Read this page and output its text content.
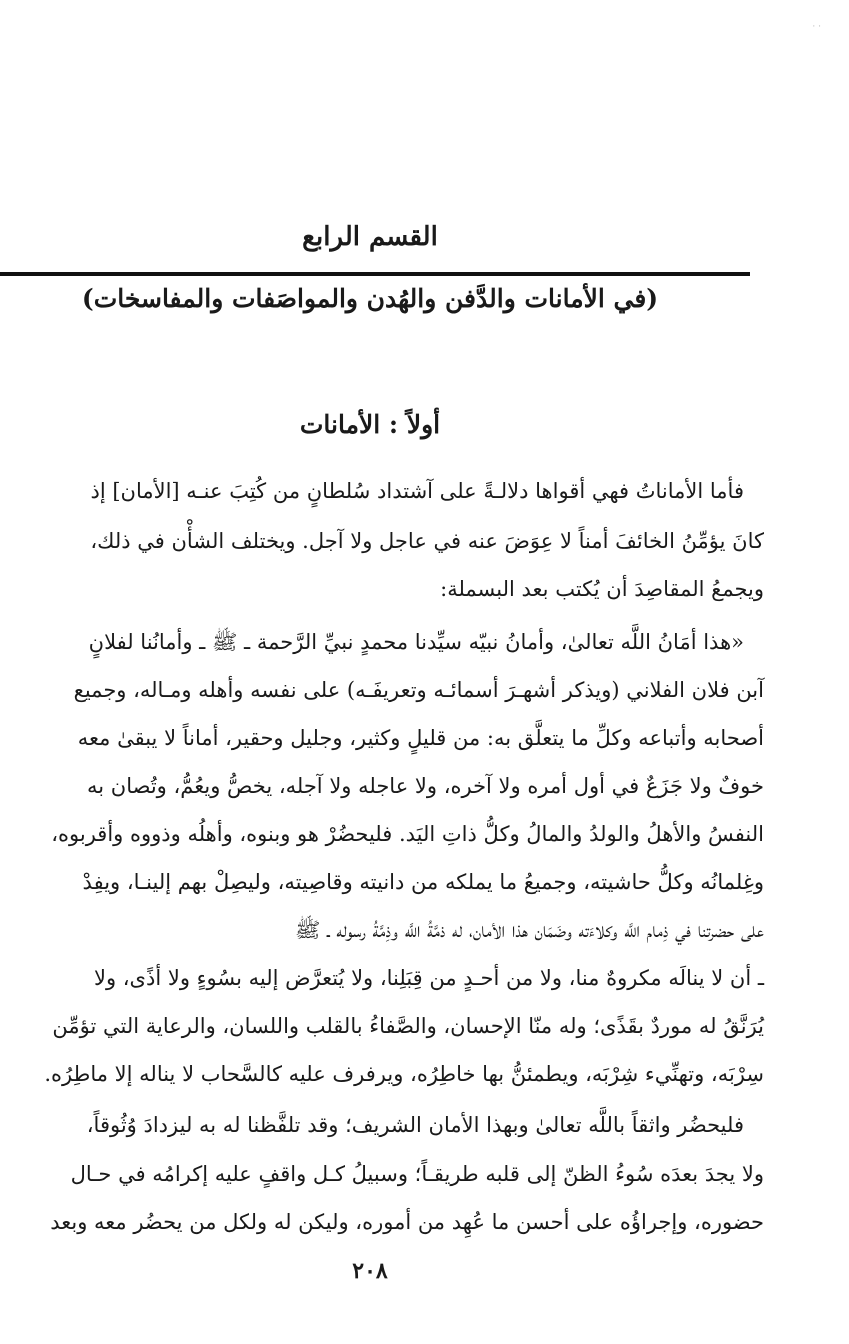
· ·
القسم الرابع
(في الأمانات والدَّفن والهُدن والمواصَفات والمفاسخات)
أولاً : الأمانات
فأما الأماناتُ فهي أقواها دلالـةً على آشتداد سُلطانٍ من كُتِبَ عنـه [الأمان] إذ
كانَ يؤمِّنُ الخائفَ أمناً لا عِوَضَ عنه في عاجل ولا آجل. ويختلف الشأْن في ذلك،
ويجمعُ المقاصِدَ أن يُكتب بعد البسملة:
«هذا أمَانُ اللَّه تعالىٰ، وأمانُ نبيّه سيِّدنا محمدٍ نبيِّ الرَّحمة ـ ﷺ ـ وأمانُنا لفلانٍ
آبن فلان الفلاني (ويذكر أشهـرَ أسمائـه وتعريفَـه) على نفسه وأهله ومـاله، وجميع
أصحابه وأتباعه وكلِّ ما يتعلَّق به: من قليلٍ وكثير، وجليل وحقير، أماناً لا يبقىٰ معه
خوفٌ ولا جَزَعٌ في أول أمره ولا آخره، ولا عاجله ولا آجله، يخصُّ ويعُمُّ، وتُصان به
النفسُ والأهلُ والولدُ والمالُ وكلُّ ذاتِ اليَد. فليحضُرْ هو وبنوه، وأهلُه وذووه وأقربوه،
وغِلمانُه وكلُّ حاشيته، وجميعُ ما يملكه من دانيته وقاصِيته، وليصِلْ بهم إلينـا، ويفِدْ
على حضرتنا في ذِمام اللَّه وكلاءَته وضَمَان هذا الأمان، له ذمَّةُ اللَّه وذِمَّةُ رسوله ـ ﷺ
ـ أن لا ينالَه مكروهٌ منا، ولا من أحـدٍ من قِبَلِنا، ولا يُتعرَّض إليه بسُوءٍ ولا أذًى، ولا
يُرَنَّقُ له موردٌ بقَذًى؛ وله منّا الإحسان، والصَّفاءُ بالقلب واللسان، والرعاية التي تؤمِّن
سِرْبَه، وتهنِّيء شِرْبَه، ويطمئنُّ بها خاطِرُه، ويرفرف عليه كالسَّحاب لا يناله إلا ماطِرُه.
فليحضُر واثقاً باللَّه تعالىٰ وبهذا الأمان الشريف؛ وقد تلفَّظنا له به ليزدادَ وُثُوقاً،
ولا يجدَ بعدَه سُوءُ الظنّ إلى قلبه طريقـاً؛ وسبيلُ كـل واقفٍ عليه إكرامُه في حـال
حضوره، وإجراؤُه على أحسن ما عُهِد من أموره، وليكن له ولكل من يحضُر معه وبعد
٢٠٨
